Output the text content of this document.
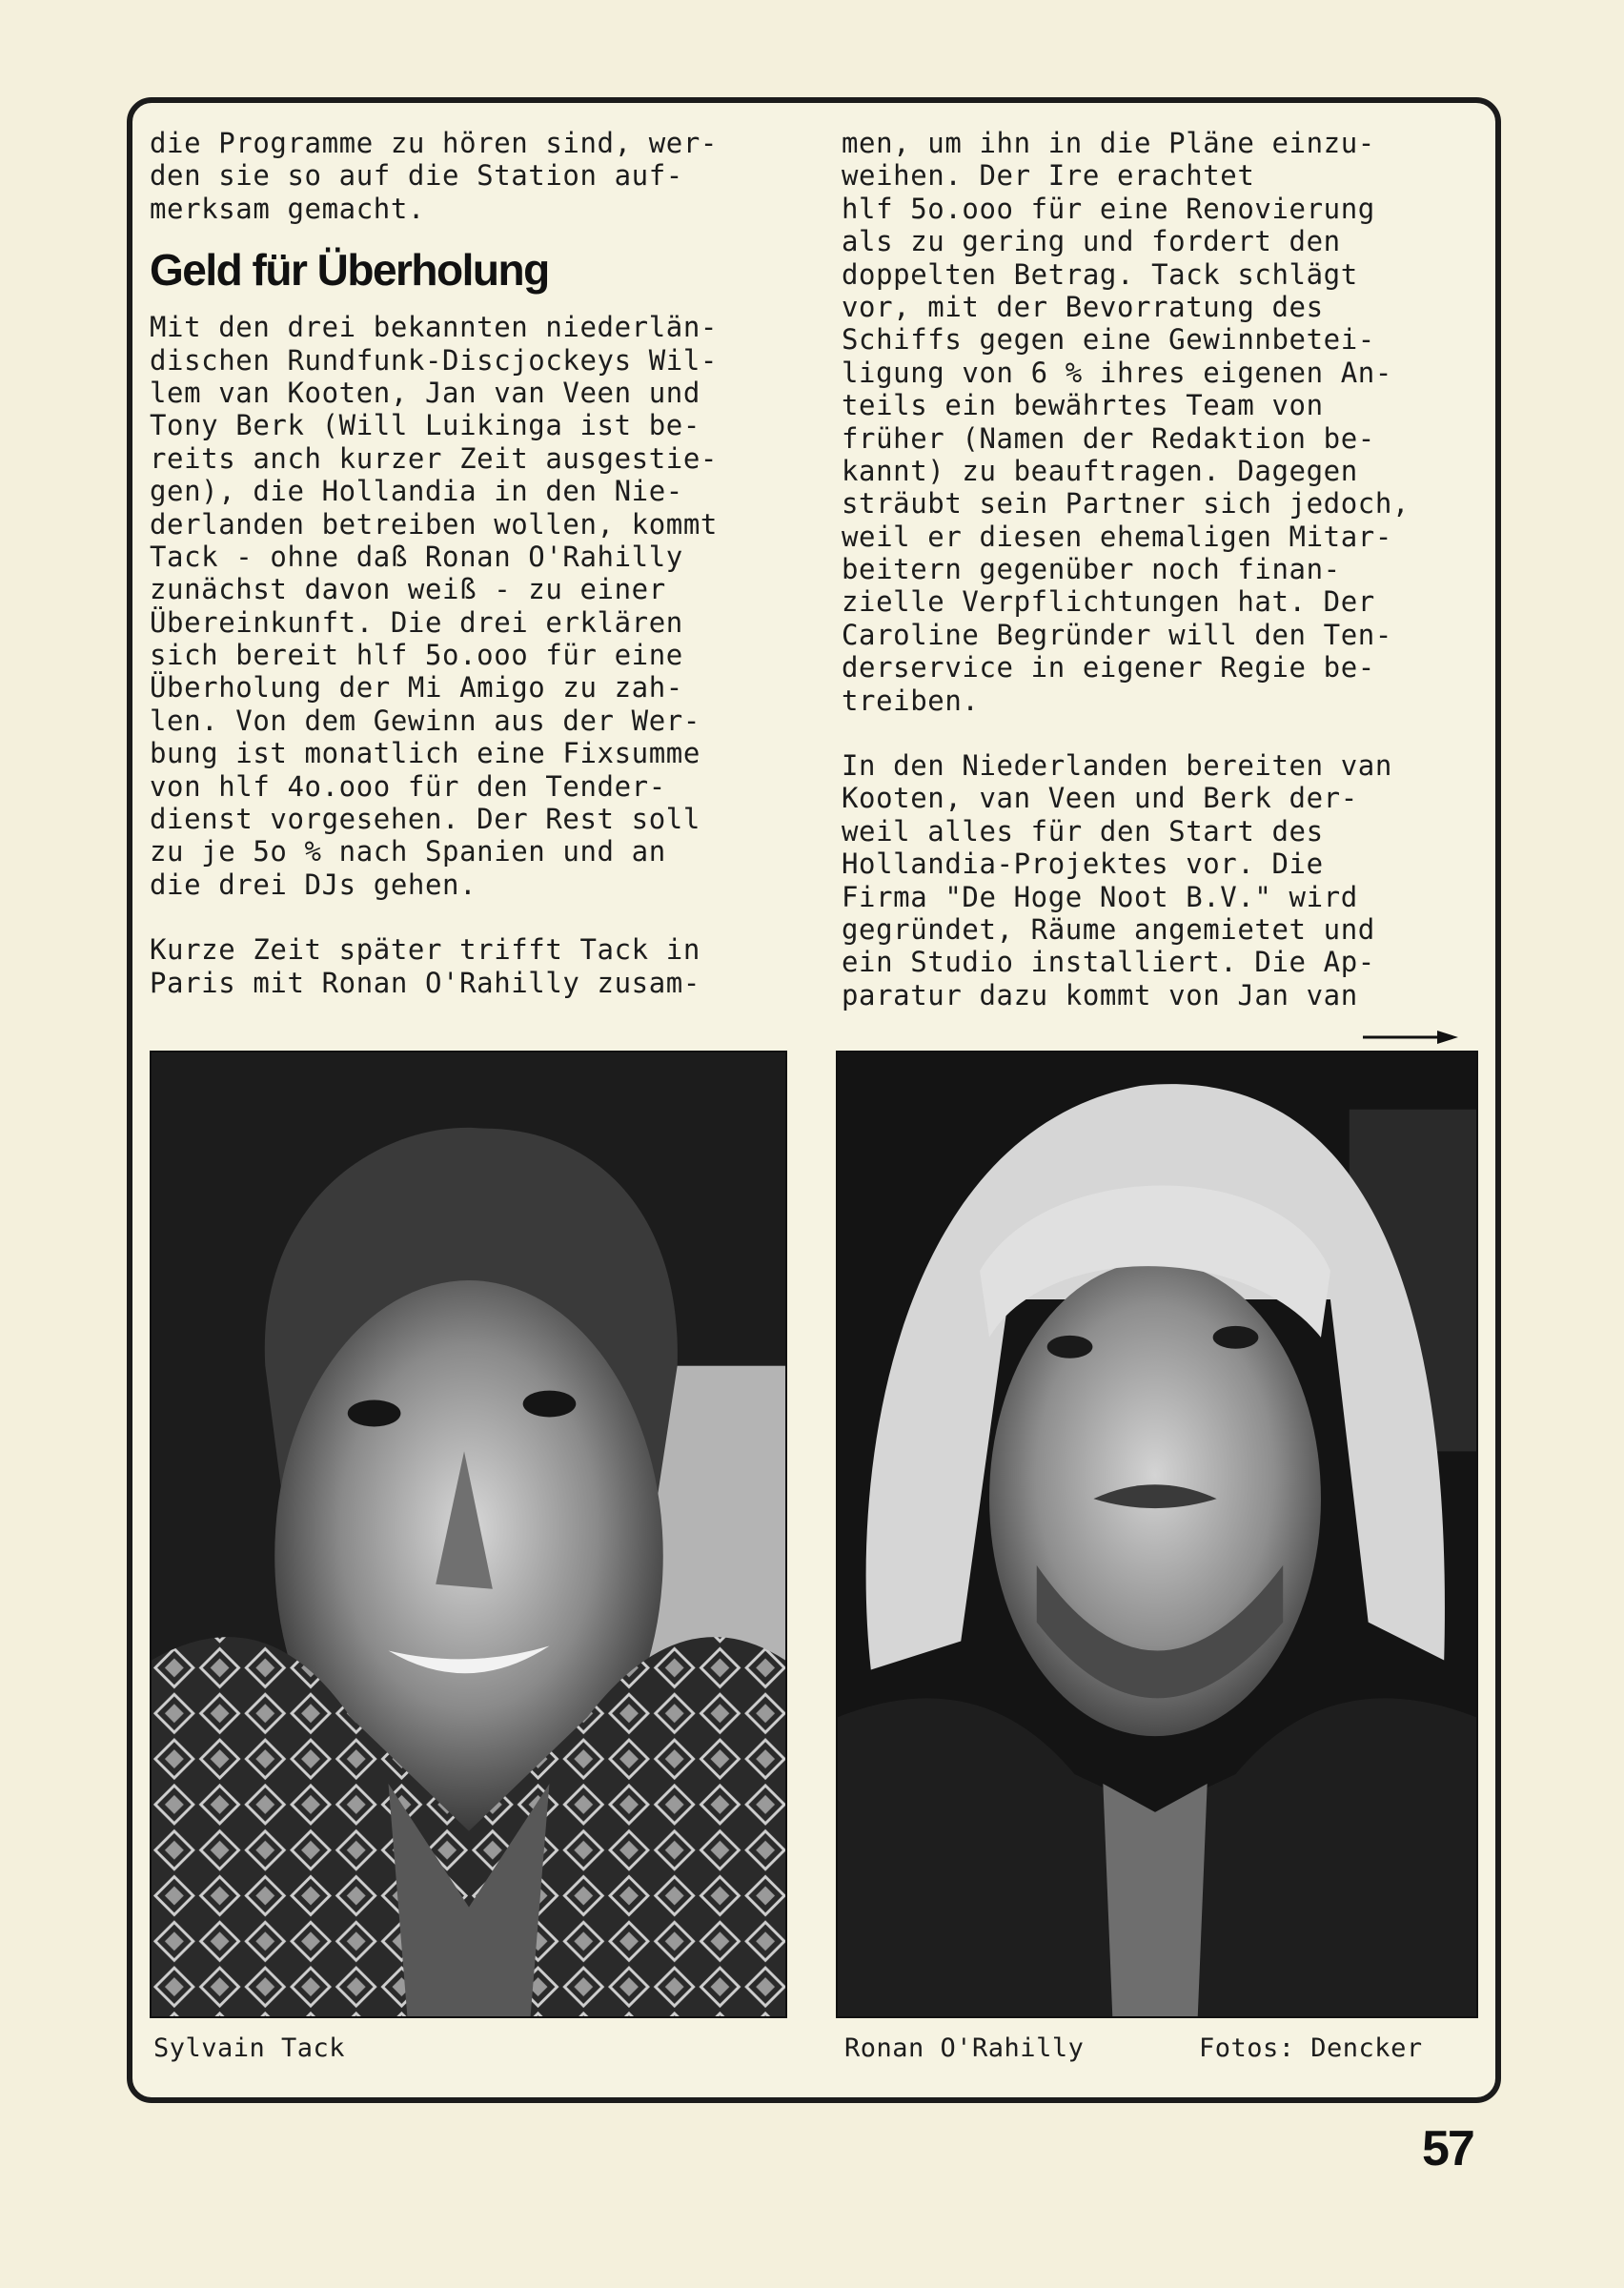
die Programme zu hören sind, wer-
den sie so auf die Station auf-
merksam gemacht.
Geld für Überholung
Mit den drei bekannten niederlän-
dischen Rundfunk-Discjockeys Wil-
lem van Kooten, Jan van Veen und
Tony Berk (Will Luikinga ist be-
reits anch kurzer Zeit ausgestie-
gen), die Hollandia in den Nie-
derlanden betreiben wollen, kommt
Tack - ohne daß Ronan O'Rahilly
zunächst davon weiß - zu einer
Übereinkunft. Die drei erklären
sich bereit hlf 5o.ooo für eine
Überholung der Mi Amigo zu zah-
len. Von dem Gewinn aus der Wer-
bung ist monatlich eine Fixsumme
von hlf 4o.ooo für den Tender-
dienst vorgesehen. Der Rest soll
zu je 5o % nach Spanien und an
die drei DJs gehen.
Kurze Zeit später trifft Tack in
Paris mit Ronan O'Rahilly zusam-
men, um ihn in die Pläne einzu-
weihen. Der Ire erachtet
hlf 5o.ooo für eine Renovierung
als zu gering und fordert den
doppelten Betrag. Tack schlägt
vor, mit der Bevorratung des
Schiffs gegen eine Gewinnbetei-
ligung von 6 % ihres eigenen An-
teils ein bewährtes Team von
früher (Namen der Redaktion be-
kannt) zu beauftragen. Dagegen
sträubt sein Partner sich jedoch,
weil er diesen ehemaligen Mitar-
beitern gegenüber noch finan-
zielle Verpflichtungen hat. Der
Caroline Begründer will den Ten-
derservice in eigener Regie be-
treiben.
In den Niederlanden bereiten van
Kooten, van Veen und Berk der-
weil alles für den Start des
Hollandia-Projektes vor. Die
Firma "De Hoge Noot B.V." wird
gegründet, Räume angemietet und
ein Studio installiert. Die Ap-
paratur dazu kommt von Jan van
Sylvain Tack	Ronan O'Rahilly	Fotos: Dencker
57
